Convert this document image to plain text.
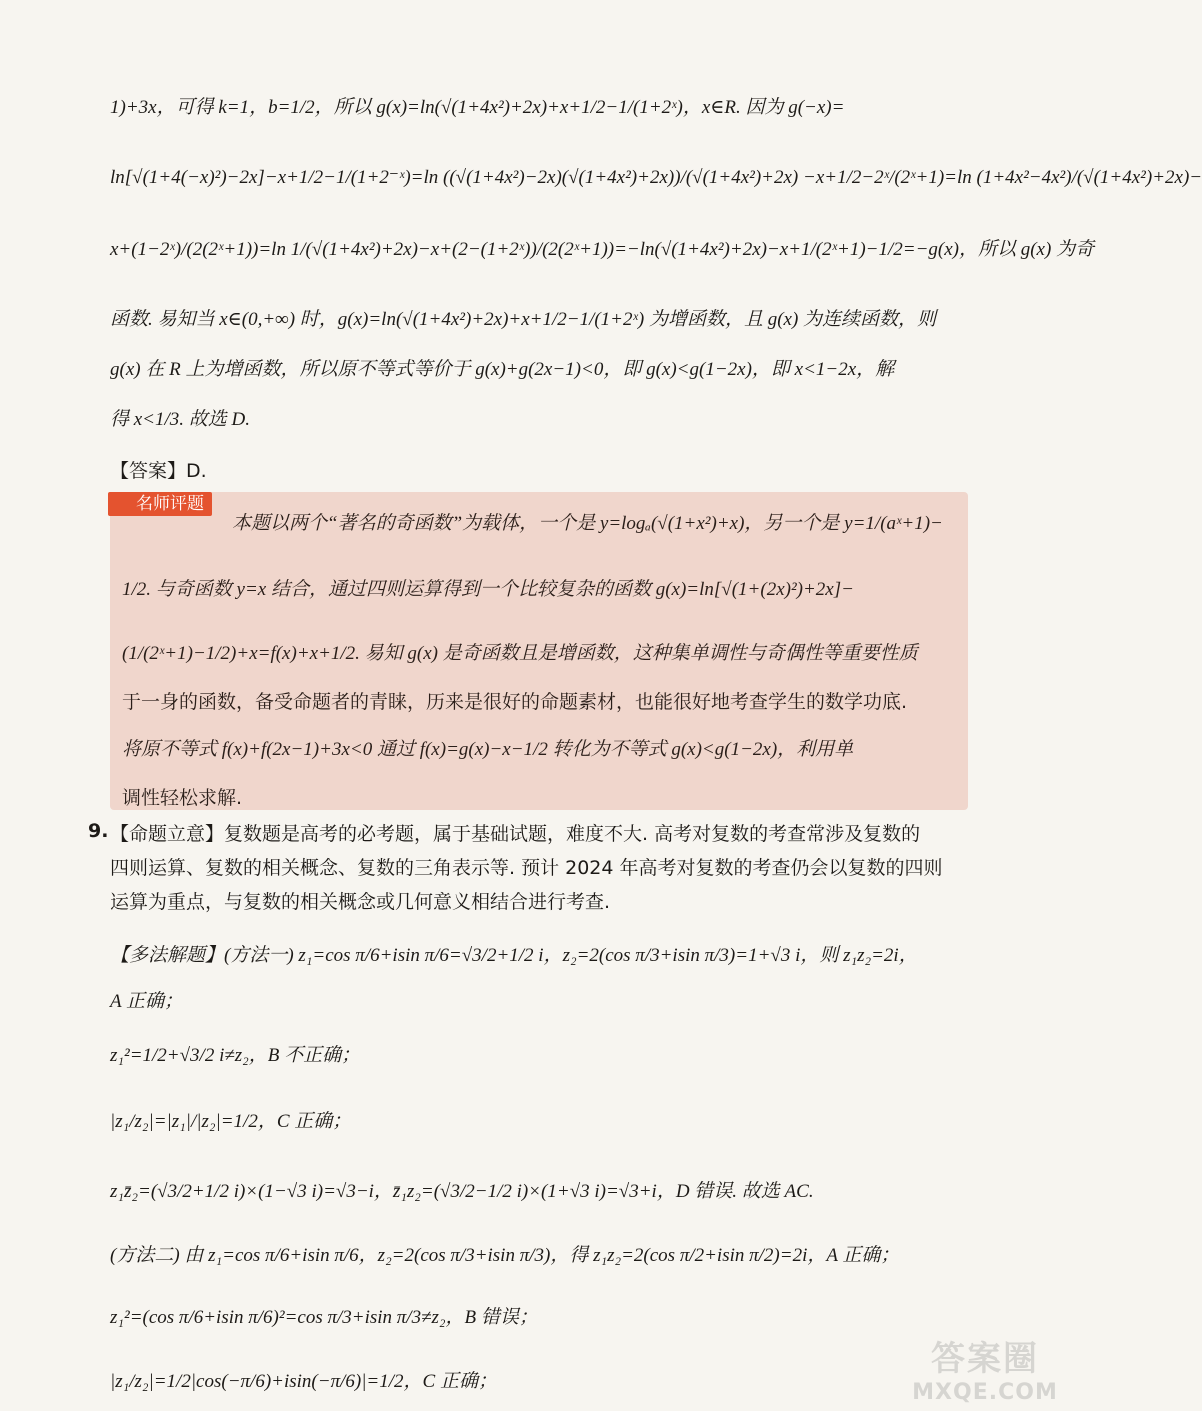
1)+3x，可得 k=1，b=1/2，所以 g(x)=ln(√(1+4x²)+2x)+x+1/2−1/(1+2ˣ)，x∈R. 因为 g(−x)=
ln[√(1+4(−x)²)−2x]−x+1/2−1/(1+2⁻ˣ)=ln ((√(1+4x²)−2x)(√(1+4x²)+2x))/(√(1+4x²)+2x) −x+1/2−2ˣ/(2ˣ+1)=ln (1+4x²−4x²)/(√(1+4x²)+2x)−
x+(1−2ˣ)/(2(2ˣ+1))=ln 1/(√(1+4x²)+2x)−x+(2−(1+2ˣ))/(2(2ˣ+1))=−ln(√(1+4x²)+2x)−x+1/(2ˣ+1)−1/2=−g(x)，所以 g(x) 为奇
函数. 易知当 x∈(0,+∞) 时，g(x)=ln(√(1+4x²)+2x)+x+1/2−1/(1+2ˣ) 为增函数，且 g(x) 为连续函数，则
g(x) 在 R 上为增函数，所以原不等式等价于 g(x)+g(2x−1)<0，即 g(x)<g(1−2x)，即 x<1−2x，解
得 x<1/3. 故选 D.
【答案】D.
名师评题
本题以两个“著名的奇函数”为载体，一个是 y=logₐ(√(1+x²)+x)，另一个是 y=1/(aˣ+1)−
1/2. 与奇函数 y=x 结合，通过四则运算得到一个比较复杂的函数 g(x)=ln[√(1+(2x)²)+2x]−
(1/(2ˣ+1)−1/2)+x=f(x)+x+1/2. 易知 g(x) 是奇函数且是增函数，这种集单调性与奇偶性等重要性质
于一身的函数，备受命题者的青睐，历来是很好的命题素材，也能很好地考查学生的数学功底.
将原不等式 f(x)+f(2x−1)+3x<0 通过 f(x)=g(x)−x−1/2 转化为不等式 g(x)<g(1−2x)，利用单
调性轻松求解.
9. 【命题立意】复数题是高考的必考题，属于基础试题，难度不大. 高考对复数的考查常涉及复数的
四则运算、复数的相关概念、复数的三角表示等. 预计 2024 年高考对复数的考查仍会以复数的四则
运算为重点，与复数的相关概念或几何意义相结合进行考查.
【多法解题】(方法一) z₁=cos π/6+isin π/6=√3/2+1/2 i，z₂=2(cos π/3+isin π/3)=1+√3 i，则 z₁z₂=2i，
A 正确；
z₁²=1/2+√3/2 i≠z₂，B 不正确；
|z₁/z₂|=|z₁|/|z₂|=1/2，C 正确；
z₁z̄₂=(√3/2+1/2 i)×(1−√3 i)=√3−i，z̄₁z₂=(√3/2−1/2 i)×(1+√3 i)=√3+i，D 错误. 故选 AC.
(方法二) 由 z₁=cos π/6+isin π/6，z₂=2(cos π/3+isin π/3)，得 z₁z₂=2(cos π/2+isin π/2)=2i，A 正确；
z₁²=(cos π/6+isin π/6)²=cos π/3+isin π/3≠z₂，B 错误；
|z₁/z₂|=1/2|cos(−π/6)+isin(−π/6)|=1/2，C 正确；
答案圈
MXQE.COM
